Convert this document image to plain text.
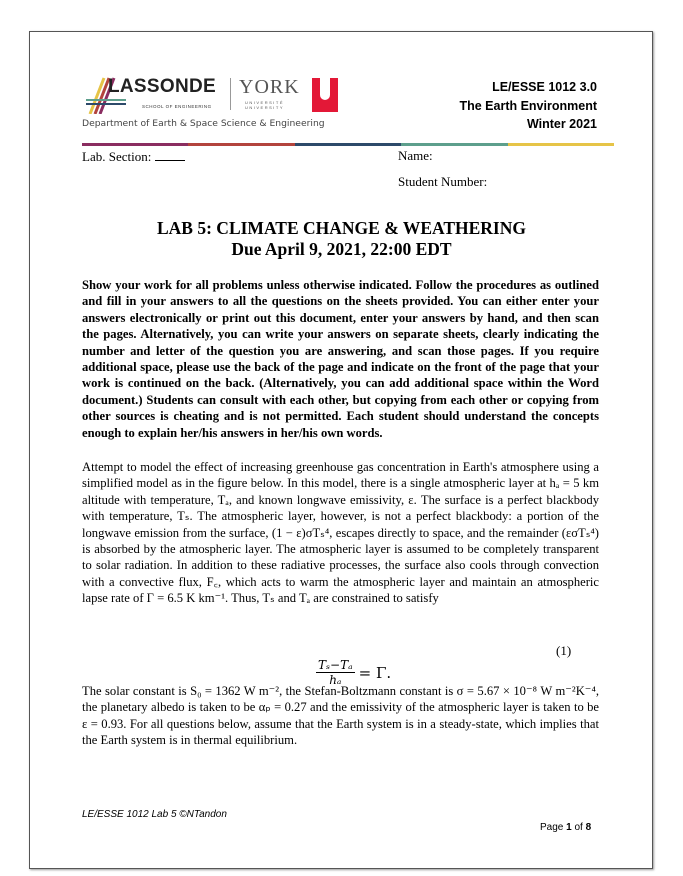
LASSONDE
SCHOOL OF ENGINEERING
YORK
UNIVERSITÉ UNIVERSITY
Department of Earth & Space Science & Engineering
LE/ESSE 1012 3.0
The Earth Environment
Winter 2021
Lab. Section:	Name:
Student Number:
LAB 5: CLIMATE CHANGE & WEATHERING
Due April 9, 2021, 22:00 EDT
Show your work for all problems unless otherwise indicated. Follow the procedures as outlined and fill in your answers to all the questions on the sheets provided. You can either enter your answers electronically or print out this document, enter your answers by hand, and then scan the pages. Alternatively, you can write your answers on separate sheets, clearly indicating the number and letter of the question you are answering, and scan those pages. If you require additional space, please use the back of the page and indicate on the front of the page that your work is continued on the back. (Alternatively, you can add additional space within the Word document.) Students can consult with each other, but copying from each other or copying from other sources is cheating and is not permitted. Each student should understand the concepts enough to explain her/his answers in her/his own words.
Attempt to model the effect of increasing greenhouse gas concentration in Earth's atmosphere using a simplified model as in the figure below. In this model, there is a single atmospheric layer at hₐ = 5 km altitude with temperature, Tₐ, and known longwave emissivity, ε. The surface is a perfect blackbody with temperature, Tₛ. The atmospheric layer, however, is not a perfect blackbody: a portion of the longwave emission from the surface, (1 − ε)σTₛ⁴, escapes directly to space, and the remainder (εσTₛ⁴) is absorbed by the atmospheric layer. The atmospheric layer is assumed to be completely transparent to solar radiation. In addition to these radiative processes, the surface also cools through convection with a convective flux, F꜀, which acts to warm the atmospheric layer and maintain an atmospheric lapse rate of Γ = 6.5 K km⁻¹. Thus, Tₛ and Tₐ are constrained to satisfy
$\frac{\text{Tₛ−Tₐ}}{\text{hₐ}} = \Gamma$.
(1)
The solar constant is S₀ = 1362 W m⁻², the Stefan-Boltzmann constant is σ = 5.67 × 10⁻⁸ W m⁻²K⁻⁴, the planetary albedo is taken to be αₚ = 0.27 and the emissivity of the atmospheric layer is taken to be ε = 0.93. For all questions below, assume that the Earth system is in a steady-state, which implies that the Earth system is in thermal equilibrium.
LE/ESSE 1012 Lab 5 ©NTandon
Page 1 of 8
